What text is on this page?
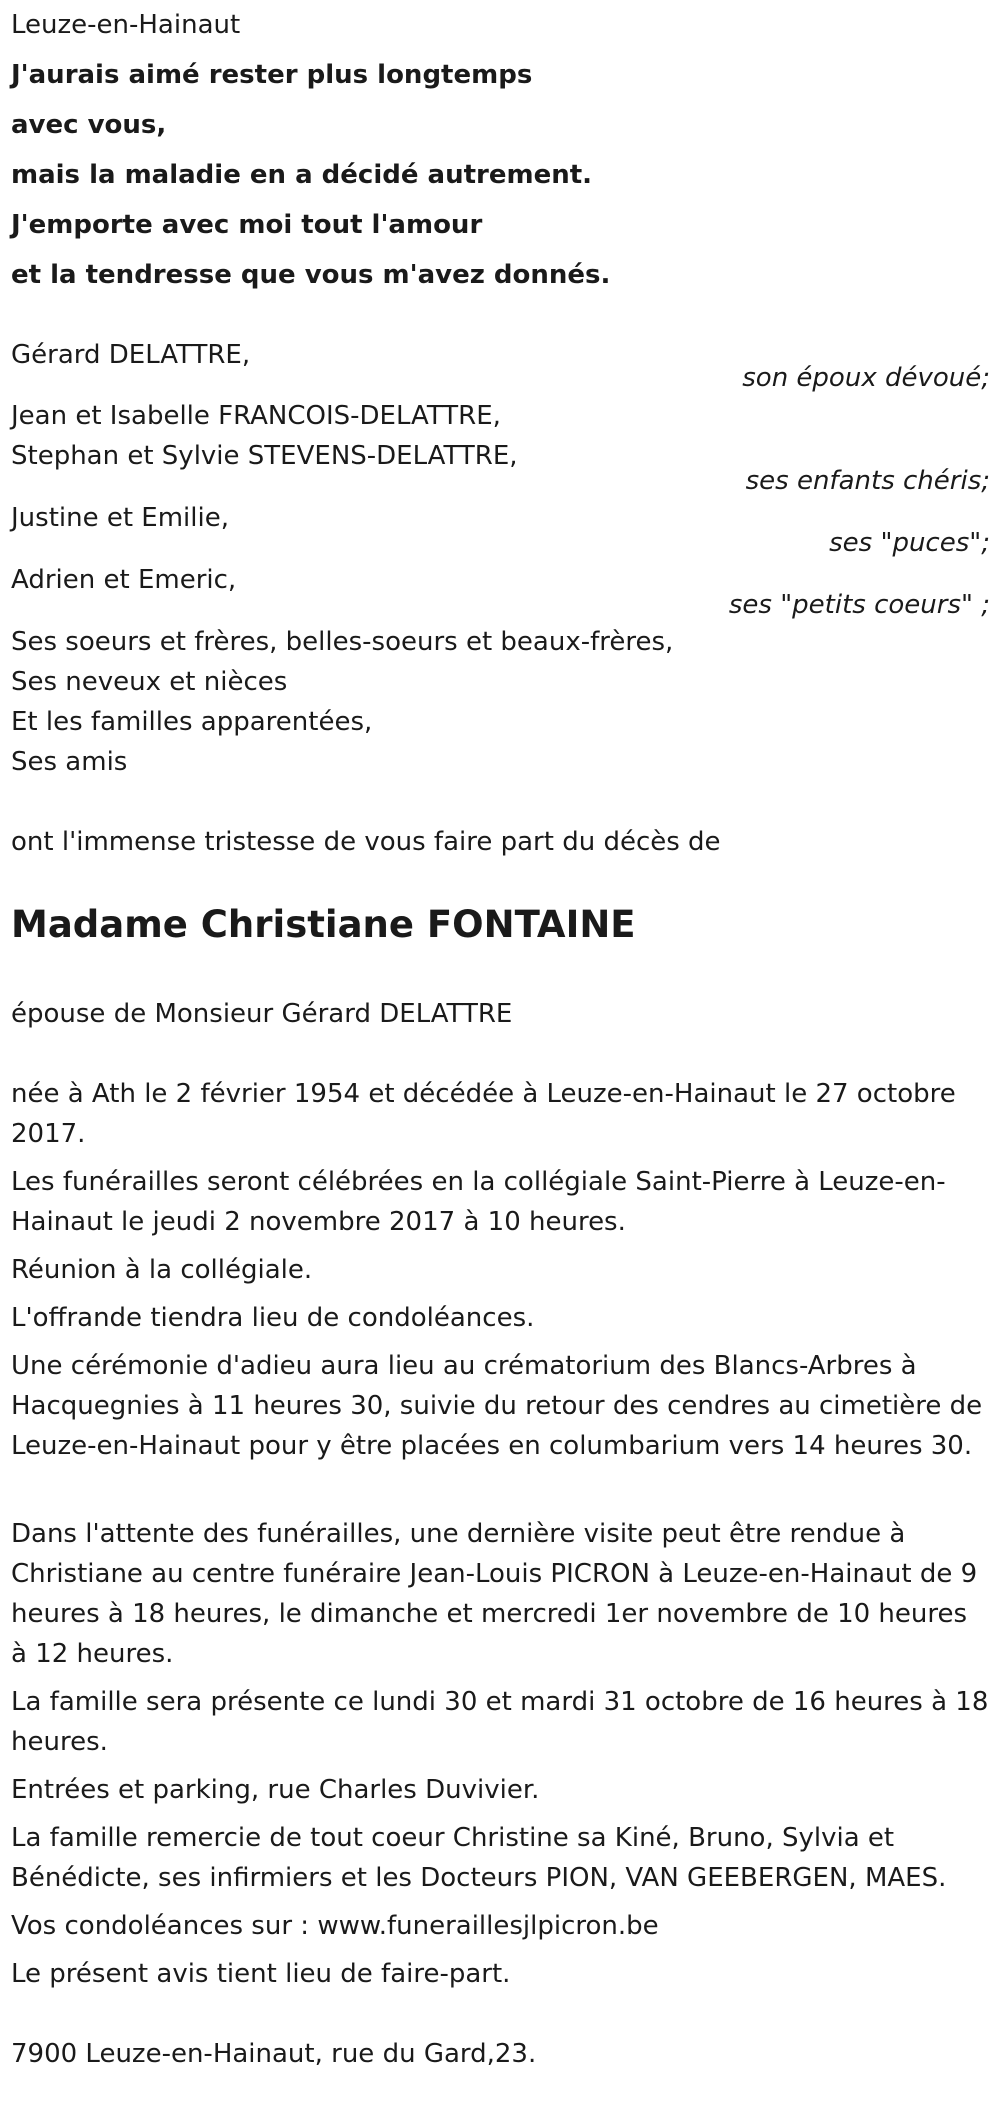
Leuze-en-Hainaut
J'aurais aimé rester plus longtemps
avec vous,
mais la maladie en a décidé autrement.
J'emporte avec moi tout l'amour
et la tendresse que vous m'avez donnés.
Gérard DELATTRE,
son époux dévoué;
Jean et Isabelle FRANCOIS-DELATTRE,
Stephan et Sylvie STEVENS-DELATTRE,
ses enfants chéris;
Justine et Emilie,
ses "puces";
Adrien et Emeric,
ses "petits coeurs" ;
Ses soeurs et frères, belles-soeurs et beaux-frères,
Ses neveux et nièces
Et les familles apparentées,
Ses amis
ont l'immense tristesse de vous faire part du décès de
Madame Christiane FONTAINE
épouse de Monsieur Gérard DELATTRE
née à Ath le 2 février 1954 et décédée à Leuze-en-Hainaut le 27 octobre 2017.
Les funérailles seront célébrées en la collégiale Saint-Pierre à Leuze-en-Hainaut le jeudi 2 novembre 2017 à 10 heures.
Réunion à la collégiale.
L'offrande tiendra lieu de condoléances.
Une cérémonie d'adieu aura lieu au crématorium des Blancs-Arbres à Hacquegnies à 11 heures 30, suivie du retour des cendres au cimetière de Leuze-en-Hainaut pour y être placées en columbarium vers 14 heures 30.
Dans l'attente des funérailles, une dernière visite peut être rendue à Christiane au centre funéraire Jean-Louis PICRON à Leuze-en-Hainaut de 9 heures à 18 heures, le dimanche et mercredi 1er novembre de 10 heures à 12 heures.
La famille sera présente ce lundi 30 et mardi 31 octobre de 16 heures à 18 heures.
Entrées et parking, rue Charles Duvivier.
La famille remercie de tout coeur Christine sa Kiné, Bruno, Sylvia et Bénédicte, ses infirmiers et les Docteurs PION, VAN GEEBERGEN, MAES.
Vos condoléances sur : www.funeraillesjlpicron.be
Le présent avis tient lieu de faire-part.
7900 Leuze-en-Hainaut, rue du Gard,23.
